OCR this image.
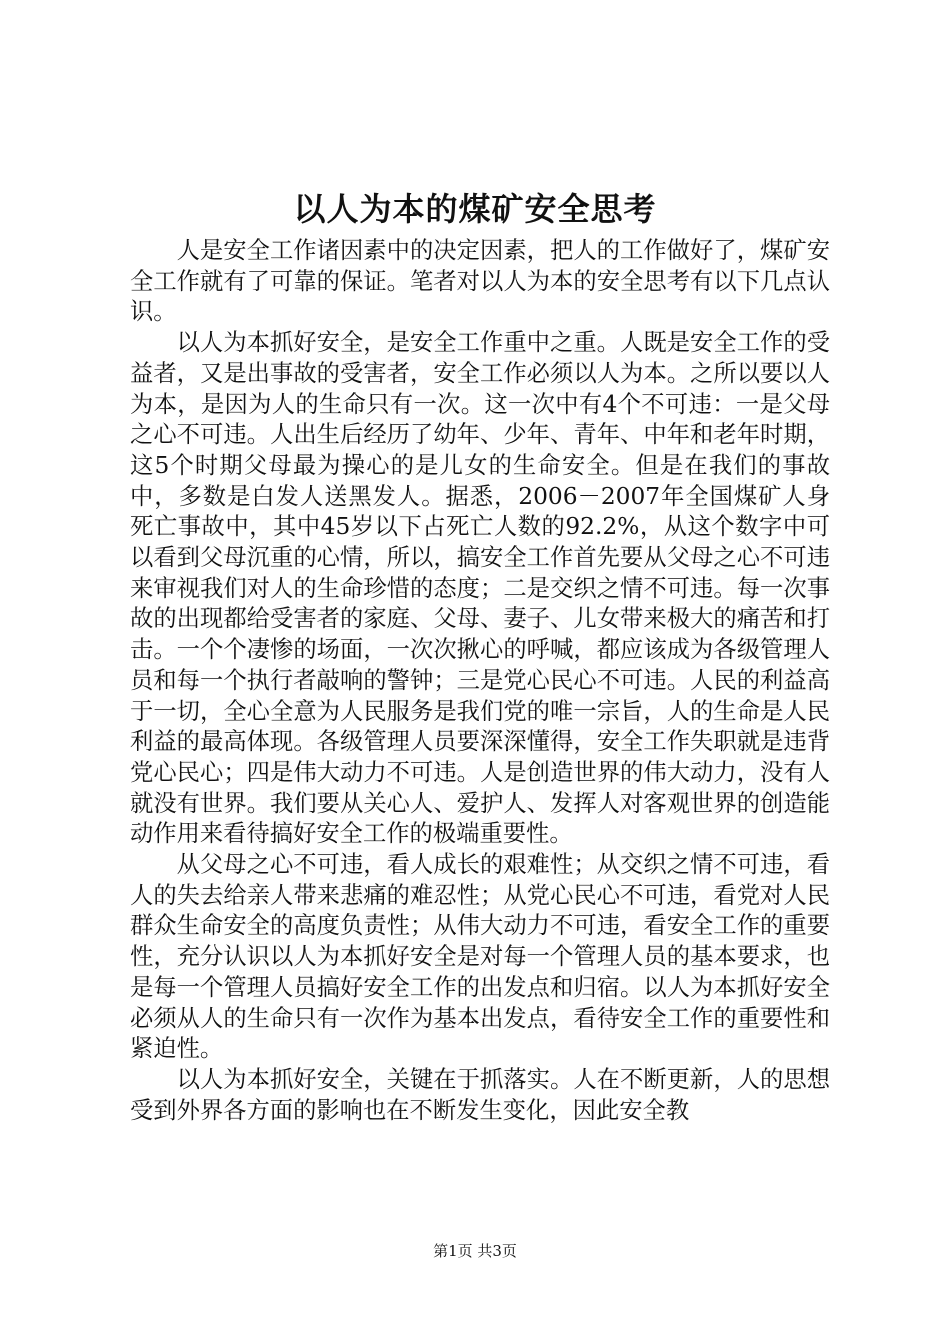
以人为本的煤矿安全思考

人是安全工作诸因素中的决定因素，把人的工作做好了，煤矿安全工作就有了可靠的保证。笔者对以人为本的安全思考有以下几点认识。

以人为本抓好安全，是安全工作重中之重。人既是安全工作的受益者，又是出事故的受害者，安全工作必须以人为本。之所以要以人为本，是因为人的生命只有一次。这一次中有4个不可违：一是父母之心不可违。人出生后经历了幼年、少年、青年、中年和老年时期，这5个时期父母最为操心的是儿女的生命安全。但是在我们的事故中，多数是白发人送黑发人。据悉，2006－2007年全国煤矿人身死亡事故中，其中45岁以下占死亡人数的92.2%，从这个数字中可以看到父母沉重的心情，所以，搞安全工作首先要从父母之心不可违来审视我们对人的生命珍惜的态度；二是交织之情不可违。每一次事故的出现都给受害者的家庭、父母、妻子、儿女带来极大的痛苦和打击。一个个凄惨的场面，一次次揪心的呼喊，都应该成为各级管理人员和每一个执行者敲响的警钟；三是党心民心不可违。人民的利益高于一切，全心全意为人民服务是我们党的唯一宗旨，人的生命是人民利益的最高体现。各级管理人员要深深懂得，安全工作失职就是违背党心民心；四是伟大动力不可违。人是创造世界的伟大动力，没有人就没有世界。我们要从关心人、爱护人、发挥人对客观世界的创造能动作用来看待搞好安全工作的极端重要性。

从父母之心不可违，看人成长的艰难性；从交织之情不可违，看人的失去给亲人带来悲痛的难忍性；从党心民心不可违，看党对人民群众生命安全的高度负责性；从伟大动力不可违，看安全工作的重要性，充分认识以人为本抓好安全是对每一个管理人员的基本要求，也是每一个管理人员搞好安全工作的出发点和归宿。以人为本抓好安全必须从人的生命只有一次作为基本出发点，看待安全工作的重要性和紧迫性。

以人为本抓好安全，关键在于抓落实。人在不断更新，人的思想受到外界各方面的影响也在不断发生变化，因此安全教

第1页 共3页
